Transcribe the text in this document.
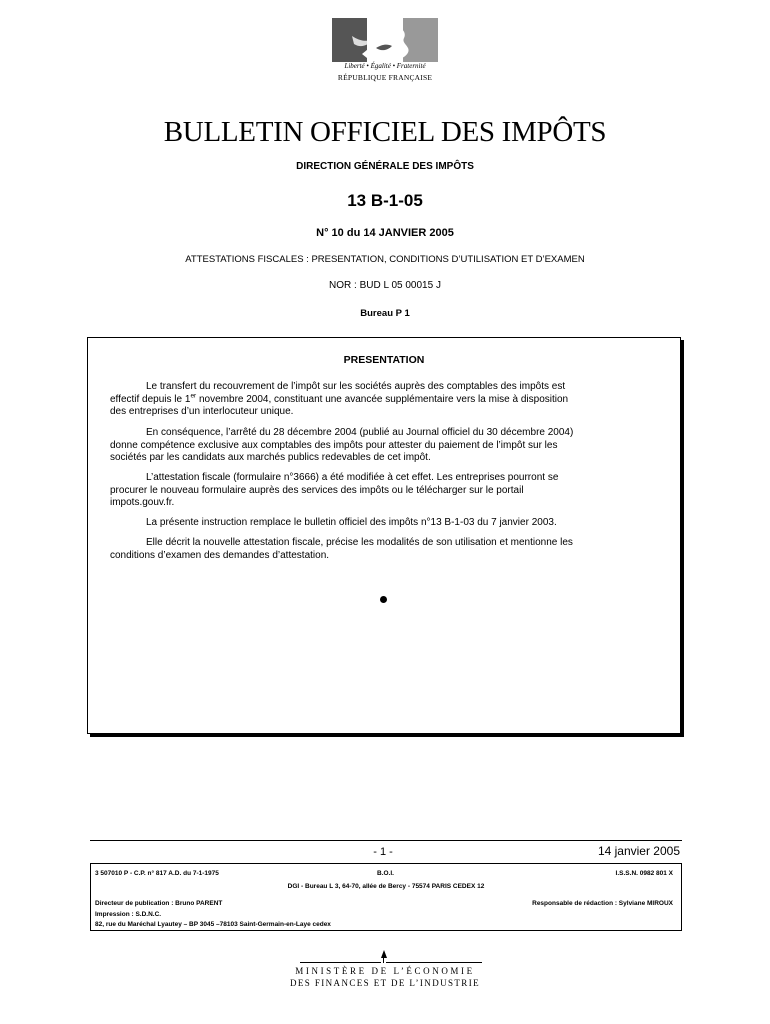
Liberté • Égalité • Fraternité
RÉPUBLIQUE FRANÇAISE
BULLETIN OFFICIEL DES IMPÔTS
DIRECTION GÉNÉRALE DES IMPÔTS
13 B-1-05
N° 10 du 14 JANVIER 2005
ATTESTATIONS FISCALES : PRESENTATION, CONDITIONS D’UTILISATION ET D’EXAMEN
NOR : BUD L 05 00015 J
Bureau P 1
PRESENTATION
Le transfert du recouvrement de l’impôt sur les sociétés auprès des comptables des impôts est
effectif depuis le 1er novembre 2004, constituant une avancée supplémentaire vers la mise à disposition
des entreprises d’un interlocuteur unique.
En conséquence, l’arrêté du 28 décembre 2004 (publié au Journal officiel du 30 décembre 2004)
donne compétence exclusive aux comptables des impôts pour attester du paiement de l’impôt sur les
sociétés par les candidats aux marchés publics redevables de cet impôt.
L’attestation fiscale (formulaire n°3666) a été modifiée à cet effet. Les entreprises pourront se
procurer le nouveau formulaire auprès des services des impôts ou le télécharger sur le portail
impots.gouv.fr.
La présente instruction remplace le bulletin officiel des impôts n°13 B-1-03 du 7 janvier 2003.
Elle décrit la nouvelle attestation fiscale, précise les modalités de son utilisation et mentionne les
conditions d’examen des demandes d’attestation.
- 1 -	14 janvier 2005
3 507010 P - C.P. n° 817 A.D. du 7-1-1975	B.O.I.	I.S.S.N. 0982 801 X
DGI - Bureau L 3, 64-70, allée de Bercy - 75574 PARIS CEDEX 12
Directeur de publication : Bruno PARENT	Responsable de rédaction : Sylviane MIROUX
Impression : S.D.N.C.
82, rue du Maréchal Lyautey – BP 3045 –78103 Saint-Germain-en-Laye cedex
MINISTÈRE DE L’ÉCONOMIE
DES FINANCES ET DE L’INDUSTRIE
